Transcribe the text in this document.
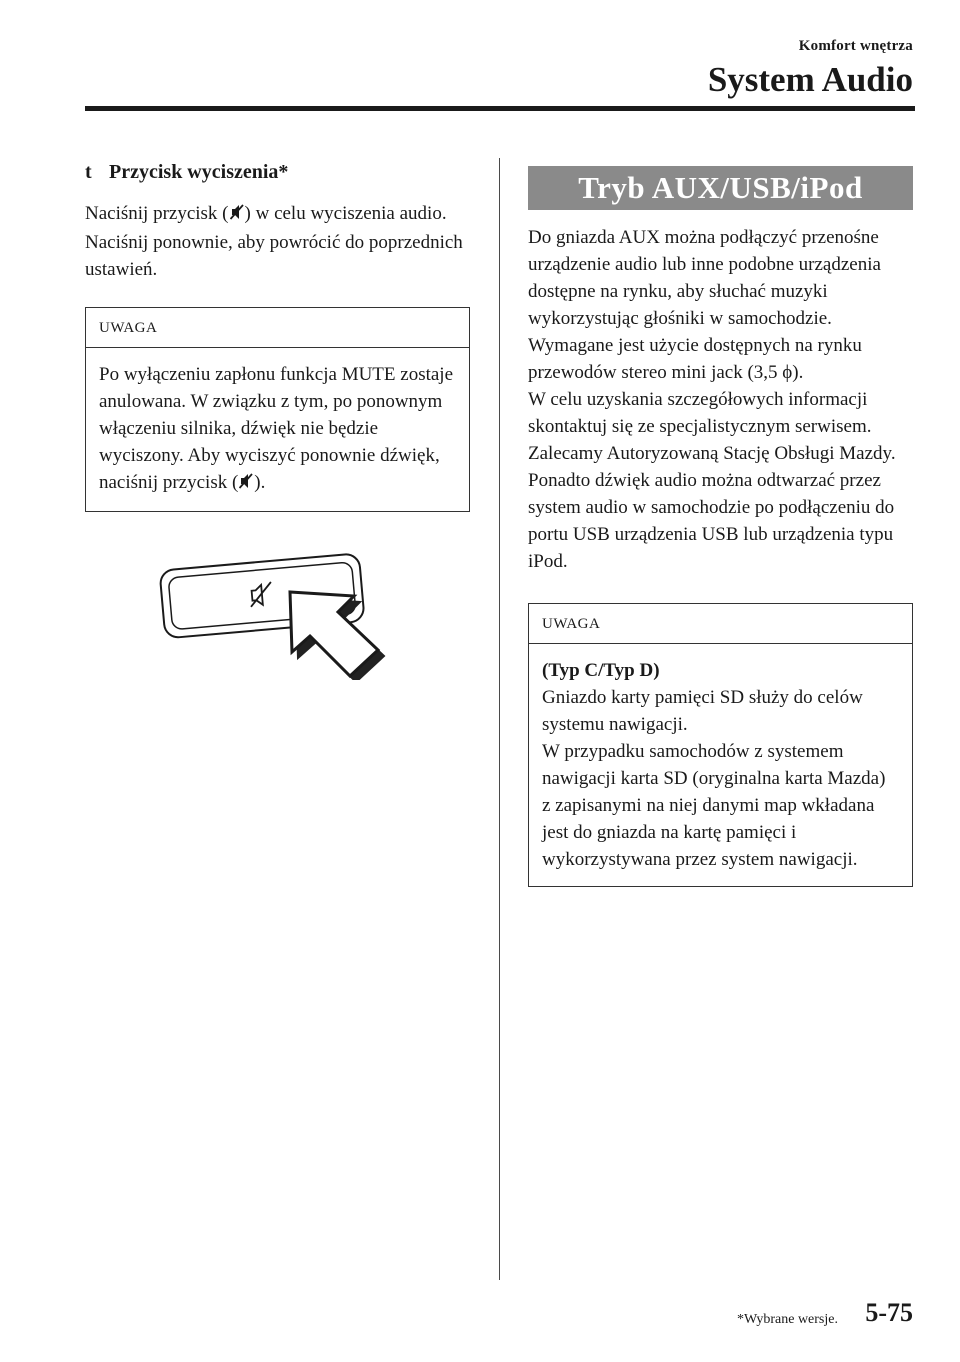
Komfort wnętrza
System Audio
t Przycisk wyciszenia*

Naciśnij przycisk ( ) w celu wyciszenia audio. Naciśnij ponownie, aby powrócić do poprzednich ustawień.

UWAGA
Po wyłączeniu zapłonu funkcja MUTE zostaje anulowana. W związku z tym, po ponownym włączeniu silnika, dźwięk nie będzie wyciszony. Aby wyciszyć ponownie dźwięk, naciśnij przycisk ( ).
Tryb AUX/USB/iPod

Do gniazda AUX można podłączyć przenośne urządzenie audio lub inne podobne urządzenia dostępne na rynku, aby słuchać muzyki wykorzystując głośniki w samochodzie.
Wymagane jest użycie dostępnych na rynku przewodów stereo mini jack (3,5 ϕ).
W celu uzyskania szczegółowych informacji skontaktuj się ze specjalistycznym serwisem. Zalecamy Autoryzowaną Stację Obsługi Mazdy.
Ponadto dźwięk audio można odtwarzać przez system audio w samochodzie po podłączeniu do portu USB urządzenia USB lub urządzenia typu iPod.

UWAGA
(Typ C/Typ D)
Gniazdo karty pamięci SD służy do celów systemu nawigacji.
W przypadku samochodów z systemem nawigacji karta SD (oryginalna karta Mazda) z zapisanymi na niej danymi map wkładana jest do gniazda na kartę pamięci i wykorzystywana przez system nawigacji.
*Wybrane wersje. 5-75
